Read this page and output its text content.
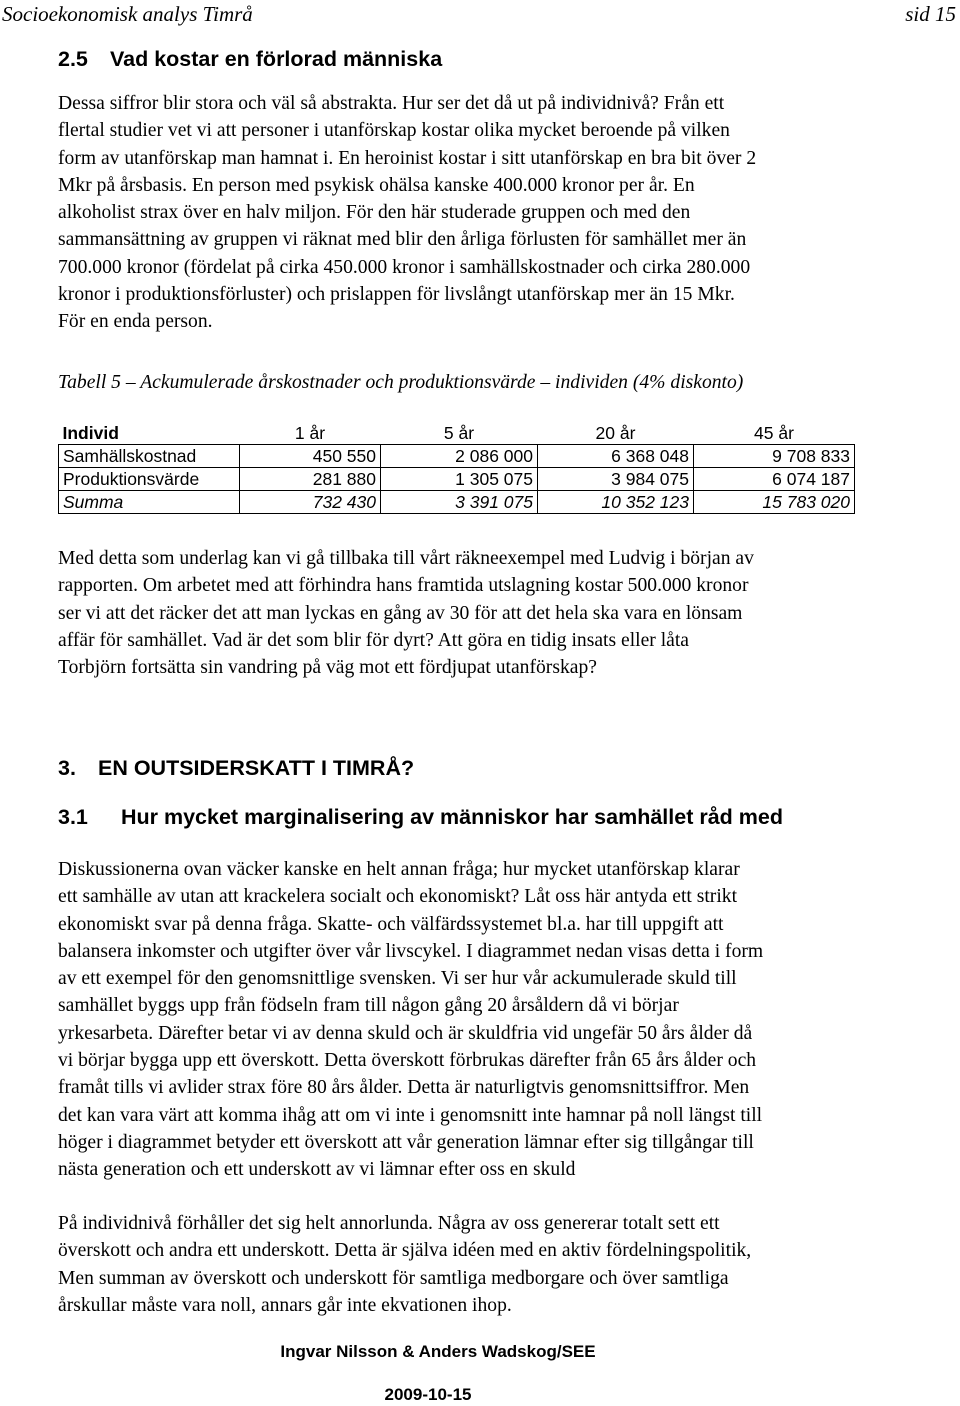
Socioekonomisk analys Timrå	sid 15
2.5 Vad kostar en förlorad människa
Dessa siffror blir stora och väl så abstrakta. Hur ser det då ut på individnivå? Från ett
flertal studier vet vi att personer i utanförskap kostar olika mycket beroende på vilken
form av utanförskap man hamnat i. En heroinist kostar i sitt utanförskap en bra bit över 2
Mkr på årsbasis. En person med psykisk ohälsa kanske 400.000 kronor per år. En
alkoholist strax över en halv miljon. För den här studerade gruppen och med den
sammansättning av gruppen vi räknat med blir den årliga förlusten för samhället mer än
700.000 kronor (fördelat på cirka 450.000 kronor i samhällskostnader och cirka 280.000
kronor i produktionsförluster) och prislappen för livslångt utanförskap mer än 15 Mkr.
För en enda person.
Tabell 5 – Ackumulerade årskostnader och produktionsvärde – individen (4% diskonto)
Individ	1 år	5 år	20 år	45 år
Samhällskostnad	450 550	2 086 000	6 368 048	9 708 833
Produktionsvärde	281 880	1 305 075	3 984 075	6 074 187
Summa	732 430	3 391 075	10 352 123	15 783 020
Med detta som underlag kan vi gå tillbaka till vårt räkneexempel med Ludvig i början av
rapporten. Om arbetet med att förhindra hans framtida utslagning kostar 500.000 kronor
ser vi att det räcker det att man lyckas en gång av 30 för att det hela ska vara en lönsam
affär för samhället. Vad är det som blir för dyrt? Att göra en tidig insats eller låta
Torbjörn fortsätta sin vandring på väg mot ett fördjupat utanförskap?
3. EN OUTSIDERSKATT I TIMRÅ?
3.1 Hur mycket marginalisering av människor har samhället råd med
Diskussionerna ovan väcker kanske en helt annan fråga; hur mycket utanförskap klarar
ett samhälle av utan att krackelera socialt och ekonomiskt? Låt oss här antyda ett strikt
ekonomiskt svar på denna fråga. Skatte- och välfärdssystemet bl.a. har till uppgift att
balansera inkomster och utgifter över vår livscykel. I diagrammet nedan visas detta i form
av ett exempel för den genomsnittlige svensken. Vi ser hur vår ackumulerade skuld till
samhället byggs upp från födseln fram till någon gång 20 årsåldern då vi börjar
yrkesarbeta. Därefter betar vi av denna skuld och är skuldfria vid ungefär 50 års ålder då
vi börjar bygga upp ett överskott. Detta överskott förbrukas därefter från 65 års ålder och
framåt tills vi avlider strax före 80 års ålder. Detta är naturligtvis genomsnittsiffror. Men
det kan vara värt att komma ihåg att om vi inte i genomsnitt inte hamnar på noll längst till
höger i diagrammet betyder ett överskott att vår generation lämnar efter sig tillgångar till
nästa generation och ett underskott av vi lämnar efter oss en skuld
På individnivå förhåller det sig helt annorlunda. Några av oss genererar totalt sett ett
överskott och andra ett underskott. Detta är själva idéen med en aktiv fördelningspolitik,
Men summan av överskott och underskott för samtliga medborgare och över samtliga
årskullar måste vara noll, annars går inte ekvationen ihop.
Ingvar Nilsson & Anders Wadskog/SEE
2009-10-15
